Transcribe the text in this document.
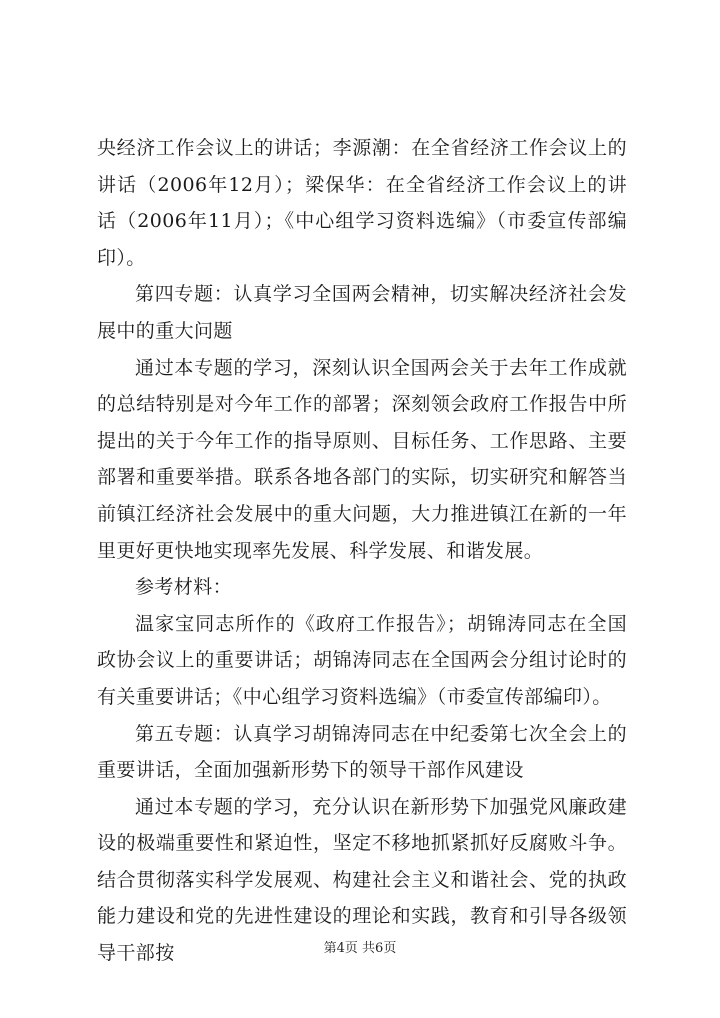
央经济工作会议上的讲话；李源潮：在全省经济工作会议上的讲话（2006年12月）；梁保华：在全省经济工作会议上的讲话（2006年11月）；《中心组学习资料选编》（市委宣传部编印）。

第四专题：认真学习全国两会精神，切实解决经济社会发展中的重大问题

通过本专题的学习，深刻认识全国两会关于去年工作成就的总结特别是对今年工作的部署；深刻领会政府工作报告中所提出的关于今年工作的指导原则、目标任务、工作思路、主要部署和重要举措。联系各地各部门的实际，切实研究和解答当前镇江经济社会发展中的重大问题，大力推进镇江在新的一年里更好更快地实现率先发展、科学发展、和谐发展。

参考材料：

温家宝同志所作的《政府工作报告》；胡锦涛同志在全国政协会议上的重要讲话；胡锦涛同志在全国两会分组讨论时的有关重要讲话；《中心组学习资料选编》（市委宣传部编印）。

第五专题：认真学习胡锦涛同志在中纪委第七次全会上的重要讲话，全面加强新形势下的领导干部作风建设

通过本专题的学习，充分认识在新形势下加强党风廉政建设的极端重要性和紧迫性，坚定不移地抓紧抓好反腐败斗争。结合贯彻落实科学发展观、构建社会主义和谐社会、党的执政能力建设和党的先进性建设的理论和实践，教育和引导各级领导干部按	第4页 共6页
